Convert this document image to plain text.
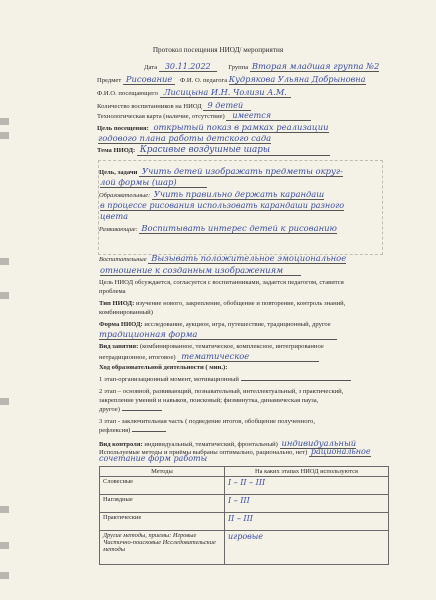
Протокол посещения НИОД/ мероприятия
Дата 30.11.2022	Группа Вторая младшая группа №2
Предмет Рисование Ф.И. О. педагога Кудрякова Ульяна Добрыновна
Ф.И.О. посещающего Лисицына И.Н. Чолизи А.М.
Количество воспитанников на НИОД 9 детей
Технологическая карта (наличие, отсутствие) имеется
Цель посещения: открытый показ в рамках реализации
годового плана работы детского сада
Тема НИОД: Красивые воздушные шары
Цель, задачи Учить детей изображать предметы округ-
лой формы (шар)
Образовательные: Учить правильно держать карандаш
в процессе рисования использовать карандаши разного
цвета
Развивающие: Воспитывать интерес детей к рисованию
Воспитательные Вызывать положительное эмоциональное
отношение к созданным изображениям
Цель НИОД обсуждается, согласуется с воспитанниками, задается педагогом, ставится
проблема
Тип НИОД: изучение нового, закрепление, обобщение и повторение, контроль знаний,
комбинированный)
Форма НИОД: исследование, аукцион, игра, путешествие, традиционный, другое
традиционная форма
Вид занятия: (комбинированное, тематическое, комплексное, интегрированное
нетрадиционное, итоговое) тематическое
Ход образовательной деятельности ( мин.):
1 этап-организационный момент, мотивационный
2 этап – основной, развивающий, познавательный, интеллектуальный, з практический,
закрепление умений и навыков, поисковый; физминутка, динамическая пауза,
другое)
3 этап - заключительная часть ( подведение итогов, обобщение полученного,
рефлексия)
Вид контроля: индивидуальный, тематический, фронтальный) индивидуальный
Используемые методы и приёмы выбраны оптимально, рационально, нет) рациональное
сочетание форм работы
Методы	На каких этапах НИОД используются
Словесные	I – II – III
Наглядные	I – III
Практические	II – III
Другие методы, приемы: Игровые Частично-поисковые Исследовательские методы	игровые
